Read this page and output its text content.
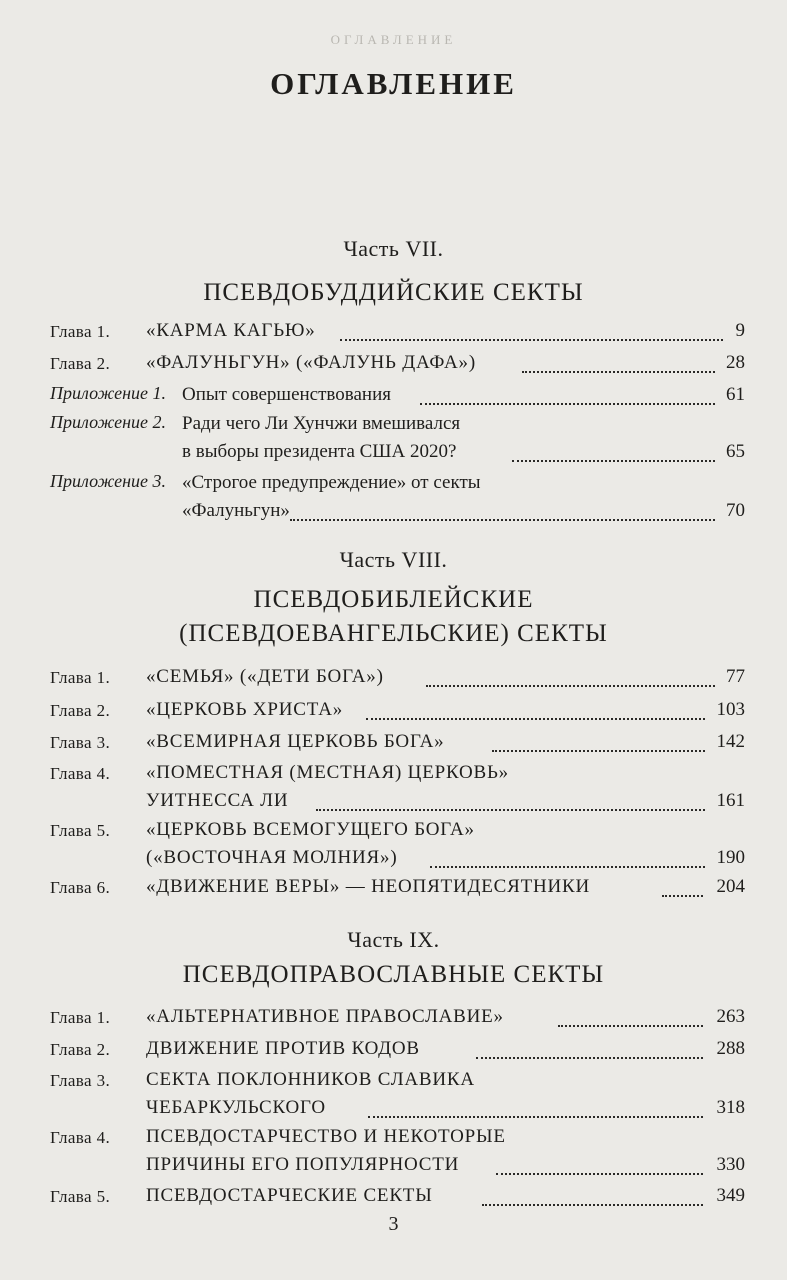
ОГЛАВЛЕНИЕ
ОГЛАВЛЕНИЕ
Часть VII.
ПСЕВДОБУДДИЙСКИЕ СЕКТЫ
Глава 1. «КАРМА КАГЬЮ»	9
Глава 2. «ФАЛУНЬГУН» («ФАЛУНЬ ДАФА»)	28
Приложение 1. Опыт совершенствования	61
Приложение 2. Ради чего Ли Хунчжи вмешивался
в выборы президента США 2020?	65
Приложение 3. «Строгое предупреждение» от секты
«Фалуньгун»	70
Часть VIII.
ПСЕВДОБИБЛЕЙСКИЕ
(ПСЕВДОЕВАНГЕЛЬСКИЕ) СЕКТЫ
Глава 1. «СЕМЬЯ» («ДЕТИ БОГА»)	77
Глава 2. «ЦЕРКОВЬ ХРИСТА»	103
Глава 3. «ВСЕМИРНАЯ ЦЕРКОВЬ БОГА»	142
Глава 4. «ПОМЕСТНАЯ (МЕСТНАЯ) ЦЕРКОВЬ»
УИТНЕССА ЛИ	161
Глава 5. «ЦЕРКОВЬ ВСЕМОГУЩЕГО БОГА»
(«ВОСТОЧНАЯ МОЛНИЯ»)	190
Глава 6. «ДВИЖЕНИЕ ВЕРЫ» — НЕОПЯТИДЕСЯТНИКИ	204
Часть IX.
ПСЕВДОПРАВОСЛАВНЫЕ СЕКТЫ
Глава 1. «АЛЬТЕРНАТИВНОЕ ПРАВОСЛАВИЕ»	263
Глава 2. ДВИЖЕНИЕ ПРОТИВ КОДОВ	288
Глава 3. СЕКТА ПОКЛОННИКОВ СЛАВИКА
ЧЕБАРКУЛЬСКОГО	318
Глава 4. ПСЕВДОСТАРЧЕСТВО И НЕКОТОРЫЕ
ПРИЧИНЫ ЕГО ПОПУЛЯРНОСТИ	330
Глава 5. ПСЕВДОСТАРЧЕСКИЕ СЕКТЫ	349
3
